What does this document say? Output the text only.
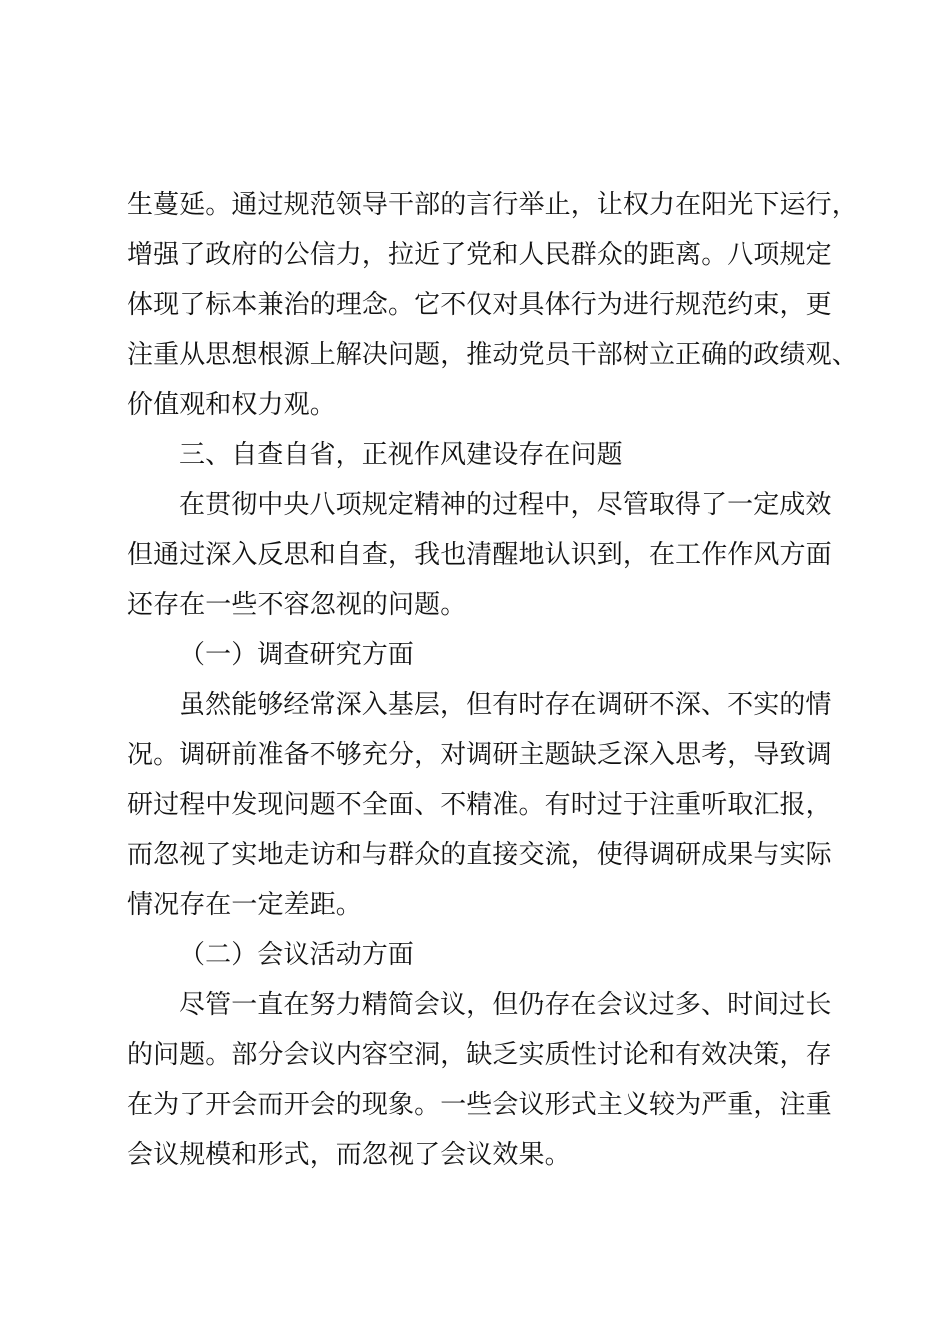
生蔓延。通过规范领导干部的言行举止，让权力在阳光下运行，
增强了政府的公信力，拉近了党和人民群众的距离。八项规定
体现了标本兼治的理念。它不仅对具体行为进行规范约束，更
注重从思想根源上解决问题，推动党员干部树立正确的政绩观、
价值观和权力观。
三、自查自省，正视作风建设存在问题
在贯彻中央八项规定精神的过程中，尽管取得了一定成效
但通过深入反思和自查，我也清醒地认识到，在工作作风方面
还存在一些不容忽视的问题。
（一）调查研究方面
虽然能够经常深入基层，但有时存在调研不深、不实的情
况。调研前准备不够充分，对调研主题缺乏深入思考，导致调
研过程中发现问题不全面、不精准。有时过于注重听取汇报，
而忽视了实地走访和与群众的直接交流，使得调研成果与实际
情况存在一定差距。
（二）会议活动方面
尽管一直在努力精简会议，但仍存在会议过多、时间过长
的问题。部分会议内容空洞，缺乏实质性讨论和有效决策，存
在为了开会而开会的现象。一些会议形式主义较为严重，注重
会议规模和形式，而忽视了会议效果。
